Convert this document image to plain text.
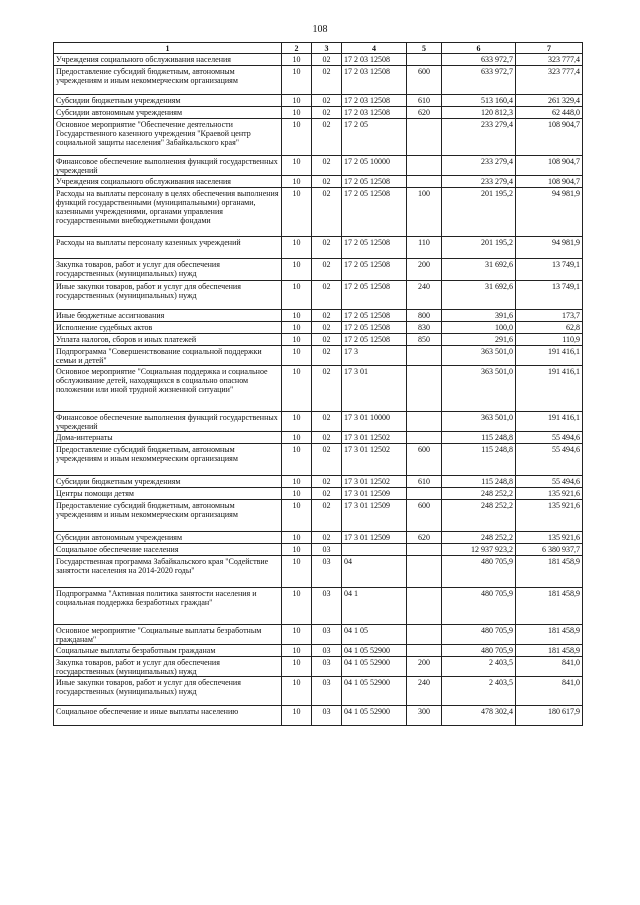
108
1	2	3	4	5	6	7
Учреждения социального обслуживания населения	10	02	17 2 03 12508		633 972,7	323 777,4
Предоставление субсидий бюджетным, автономным учреждениям и иным некоммерческим организациям	10	02	17 2 03 12508	600	633 972,7	323 777,4
Субсидии бюджетным учреждениям	10	02	17 2 03 12508	610	513 160,4	261 329,4
Субсидии автономным учреждениям	10	02	17 2 03 12508	620	120 812,3	62 448,0
Основное мероприятие "Обеспечение деятельности Государственного казенного учреждения "Краевой центр социальной защиты населения" Забайкальского края"	10	02	17 2 05		233 279,4	108 904,7
Финансовое обеспечение выполнения функций государственных учреждений	10	02	17 2 05 10000		233 279,4	108 904,7
Учреждения социального обслуживания населения	10	02	17 2 05 12508		233 279,4	108 904,7
Расходы на выплаты персоналу в целях обеспечения выполнения функций государственными (муниципальными) органами, казенными учреждениями, органами управления государственными внебюджетными фондами	10	02	17 2 05 12508	100	201 195,2	94 981,9
Расходы на выплаты персоналу казенных учреждений	10	02	17 2 05 12508	110	201 195,2	94 981,9
Закупка товаров, работ и услуг для обеспечения государственных (муниципальных) нужд	10	02	17 2 05 12508	200	31 692,6	13 749,1
Иные закупки товаров, работ и услуг для обеспечения государственных (муниципальных) нужд	10	02	17 2 05 12508	240	31 692,6	13 749,1
Иные бюджетные ассигнования	10	02	17 2 05 12508	800	391,6	173,7
Исполнение судебных актов	10	02	17 2 05 12508	830	100,0	62,8
Уплата налогов, сборов и иных платежей	10	02	17 2 05 12508	850	291,6	110,9
Подпрограмма "Совершенствование социальной поддержки семьи и детей"	10	02	17 3		363 501,0	191 416,1
Основное мероприятие "Социальная поддержка и социальное обслуживание детей, находящихся в социально опасном положении или иной трудной жизненной ситуации"	10	02	17 3 01		363 501,0	191 416,1
Финансовое обеспечение выполнения функций государственных учреждений	10	02	17 3 01 10000		363 501,0	191 416,1
Дома-интернаты	10	02	17 3 01 12502		115 248,8	55 494,6
Предоставление субсидий бюджетным, автономным учреждениям и иным некоммерческим организациям	10	02	17 3 01 12502	600	115 248,8	55 494,6
Субсидии бюджетным учреждениям	10	02	17 3 01 12502	610	115 248,8	55 494,6
Центры помощи детям	10	02	17 3 01 12509		248 252,2	135 921,6
Предоставление субсидий бюджетным, автономным учреждениям и иным некоммерческим организациям	10	02	17 3 01 12509	600	248 252,2	135 921,6
Субсидии автономным учреждениям	10	02	17 3 01 12509	620	248 252,2	135 921,6
Социальное обеспечение населения	10	03			12 937 923,2	6 380 937,7
Государственная программа Забайкальского края "Содействие занятости населения на 2014-2020 годы"	10	03	04		480 705,9	181 458,9
Подпрограмма "Активная политика занятости населения и социальная поддержка безработных граждан"	10	03	04 1		480 705,9	181 458,9
Основное мероприятие "Социальные выплаты безработным гражданам"	10	03	04 1 05		480 705,9	181 458,9
Социальные выплаты безработным гражданам	10	03	04 1 05 52900		480 705,9	181 458,9
Закупка товаров, работ и услуг для обеспечения государственных (муниципальных) нужд	10	03	04 1 05 52900	200	2 403,5	841,0
Иные закупки товаров, работ и услуг для обеспечения государственных (муниципальных) нужд	10	03	04 1 05 52900	240	2 403,5	841,0
Социальное обеспечение и иные выплаты населению	10	03	04 1 05 52900	300	478 302,4	180 617,9
